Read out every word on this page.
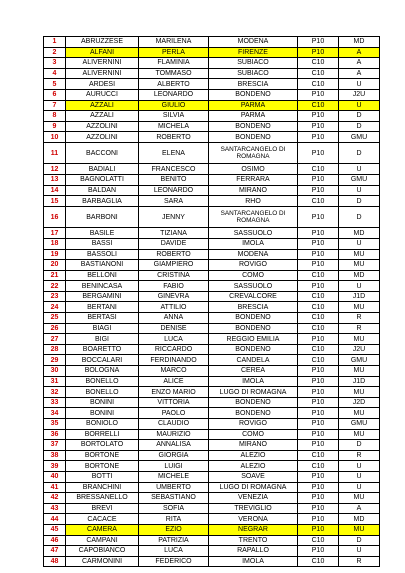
1	ABRUZZESE	MARILENA	MODENA	P10	MD
2	ALFANI	PERLA	FIRENZE	P10	A
3	ALIVERNINI	FLAMINIA	SUBIACO	C10	A
4	ALIVERNINI	TOMMASO	SUBIACO	C10	A
5	ARDESI	ALBERTO	BRESCIA	C10	U
6	AURUCCI	LEONARDO	BONDENO	P10	J2U
7	AZZALI	GIULIO	PARMA	C10	U
8	AZZALI	SILVIA	PARMA	P10	D
9	AZZOLINI	MICHELA	BONDENO	P10	D
10	AZZOLINI	ROBERTO	BONDENO	P10	GMU
11	BACCONI	ELENA	SANTARCANGELO DI ROMAGNA	P10	D
12	BADIALI	FRANCESCO	OSIMO	C10	U
13	BAGNOLATTI	BENITO	FERRARA	P10	GMU
14	BALDAN	LEONARDO	MIRANO	P10	U
15	BARBAGLIA	SARA	RHO	C10	D
16	BARBONI	JENNY	SANTARCANGELO DI ROMAGNA	P10	D
17	BASILE	TIZIANA	SASSUOLO	P10	MD
18	BASSI	DAVIDE	IMOLA	P10	U
19	BASSOLI	ROBERTO	MODENA	P10	MU
20	BASTIANONI	GIAMPIERO	ROVIGO	P10	MU
21	BELLONI	CRISTINA	COMO	C10	MD
22	BENINCASA	FABIO	SASSUOLO	P10	U
23	BERGAMINI	GINEVRA	CREVALCORE	C10	J1D
24	BERTANI	ATTILIO	BRESCIA	C10	MU
25	BERTASI	ANNA	BONDENO	C10	R
26	BIAGI	DENISE	BONDENO	C10	R
27	BIGI	LUCA	REGGIO EMILIA	P10	MU
28	BOARETTO	RICCARDO	BONDENO	C10	J2U
29	BOCCALARI	FERDINANDO	CANDELA	C10	GMU
30	BOLOGNA	MARCO	CEREA	P10	MU
31	BONELLO	ALICE	IMOLA	P10	J1D
32	BONELLO	ENZO MARIO	LUGO DI ROMAGNA	P10	MU
33	BONINI	VITTORIA	BONDENO	P10	J2D
34	BONINI	PAOLO	BONDENO	P10	MU
35	BONIOLO	CLAUDIO	ROVIGO	P10	GMU
36	BORRELLI	MAURIZIO	COMO	P10	MU
37	BORTOLATO	ANNALISA	MIRANO	P10	D
38	BORTONE	GIORGIA	ALEZIO	C10	R
39	BORTONE	LUIGI	ALEZIO	C10	U
40	BOTTI	MICHELE	SOAVE	P10	U
41	BRANCHINI	UMBERTO	LUGO DI ROMAGNA	P10	U
42	BRESSANELLO	SEBASTIANO	VENEZIA	P10	MU
43	BREVI	SOFIA	TREVIGLIO	P10	A
44	CACACE	RITA	VERONA	P10	MD
45	CAMERA	EZIO	NEGRAR	P10	MU
46	CAMPANI	PATRIZIA	TRENTO	C10	D
47	CAPOBIANCO	LUCA	RAPALLO	P10	U
48	CARMONINI	FEDERICO	IMOLA	C10	R
